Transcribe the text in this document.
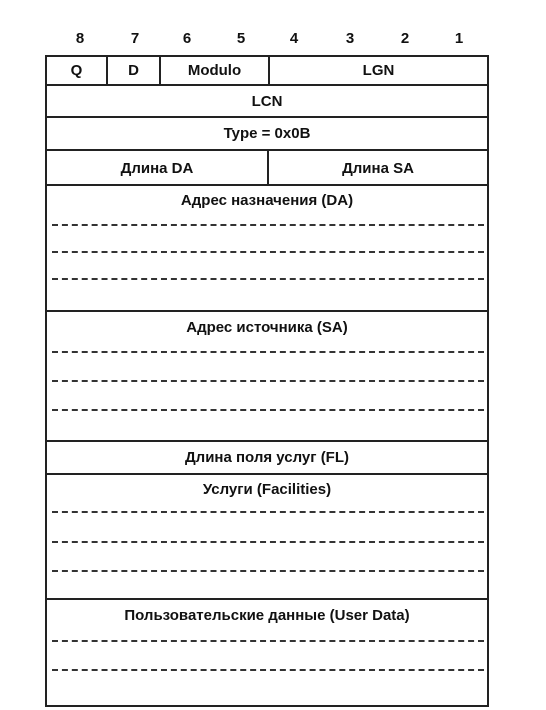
8	7	6	5	4	3	2	1
Q	D	Modulo	LGN
LCN
Type = 0x0B
Длина DA	Длина SA
Адрес назначения (DA)
Адрес источника (SA)
Длина поля услуг (FL)
Услуги (Facilities)
Пользовательские данные (User Data)
